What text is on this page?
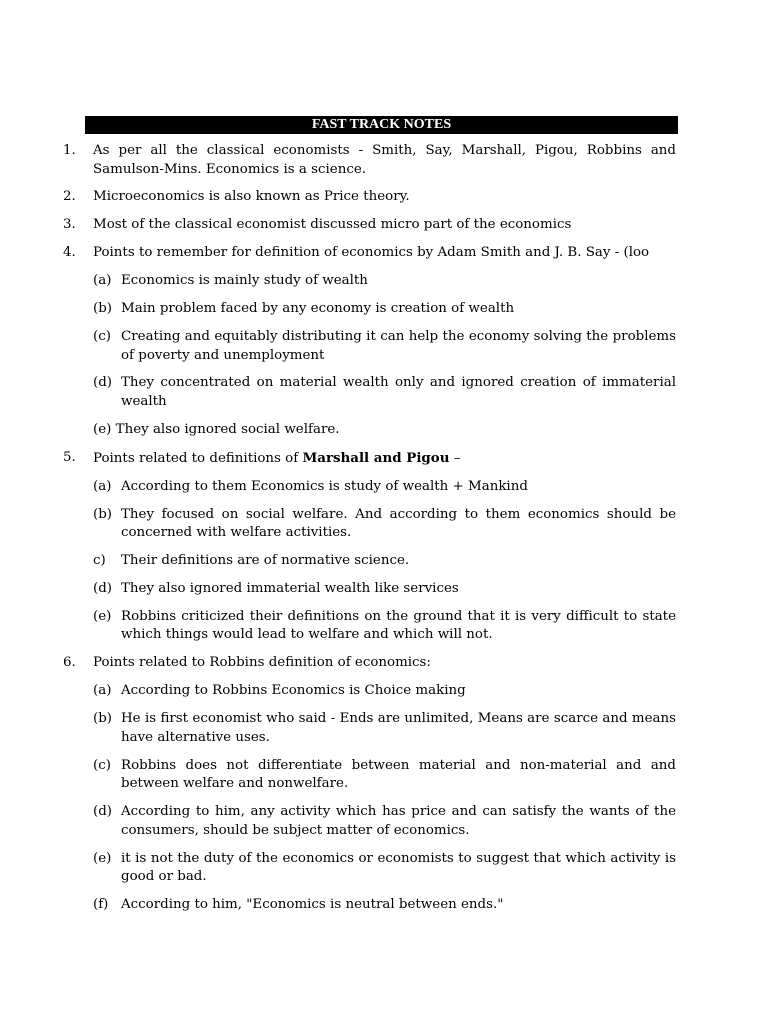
FAST TRACK NOTES
1.	As per all the classical economists - Smith, Say, Marshall, Pigou, Robbins and Samulson-Mins. Economics is a science.
2.	Microeconomics is also known as Price theory.
3.	Most of the classical economist discussed micro part of the economics
4.	Points to remember for definition of economics by Adam Smith and J. B. Say - (loo
(a) Economics is mainly study of wealth
(b) Main problem faced by any economy is creation of wealth
(c) Creating and equitably distributing it can help the economy solving the problems of poverty and unemployment
(d) They concentrated on material wealth only and ignored creation of immaterial wealth
(e) They also ignored social welfare.
5.	Points related to definitions of Marshall and Pigou –
(a) According to them Economics is study of wealth + Mankind
(b) They focused on social welfare. And according to them economics should be concerned with welfare activities.
c)	Their definitions are of normative science.
(d) They also ignored immaterial wealth like services
(e) Robbins criticized their definitions on the ground that it is very difficult to state which things would lead to welfare and which will not.
6.	Points related to Robbins definition of economics:
(a) According to Robbins Economics is Choice making
(b) He is first economist who said - Ends are unlimited, Means are scarce and means have alternative uses.
(c) Robbins does not differentiate between material and non-material and and between welfare and nonwelfare.
(d) According to him, any activity which has price and can satisfy the wants of the consumers, should be subject matter of economics.
(e) it is not the duty of the economics or economists to suggest that which activity is good or bad.
(f) According to him, "Economics is neutral between ends."
